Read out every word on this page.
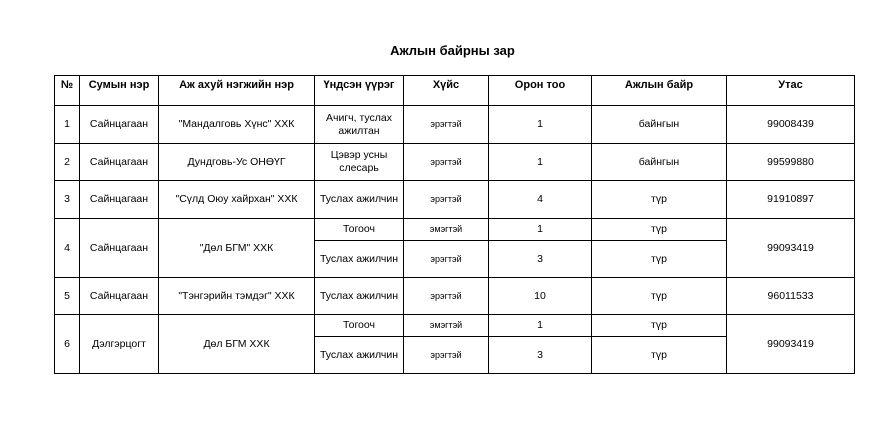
Ажлын байрны зар
№	Сумын нэр	Аж ахуй нэгжийн нэр	Үндсэн үүрэг	Хүйс	Орон тоо	Ажлын байр	Утас
1	Сайнцагаан	"Мандалговь Хүнс" ХХК	Ачигч, туслах ажилтан	эрэгтэй	1	байнгын	99008439
2	Сайнцагаан	Дундговь-Ус ОНӨҮГ	Цэвэр усны слесарь	эрэгтэй	1	байнгын	99599880
3	Сайнцагаан	"Сүлд Оюу хайрхан" ХХК	Туслах ажилчин	эрэгтэй	4	түр	91910897
4	Сайнцагаан	"Дөл БГМ" ХХК	Тогооч	эмэгтэй	1	түр	99093419
			Туслах ажилчин	эрэгтэй	3	түр	
5	Сайнцагаан	"Тэнгэрийн тэмдэг" ХХК	Туслах ажилчин	эрэгтэй	10	түр	96011533
6	Дэлгэрцогт	Дөл БГМ ХХК	Тогооч	эмэгтэй	1	түр	99093419
			Туслах ажилчин	эрэгтэй	3	түр	
